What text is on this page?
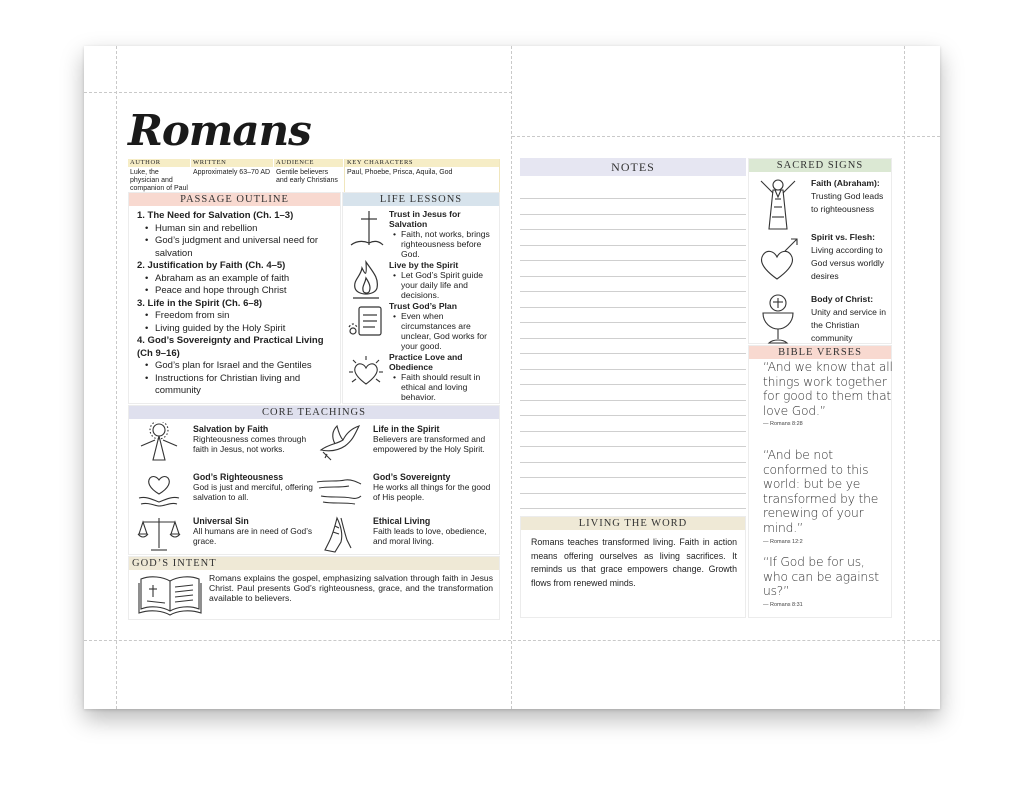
Romans
AUTHOR
Luke, the physician and companion of Paul
WRITTEN
Approximately 63–70 AD
AUDIENCE
Gentile believers and early Christians
KEY CHARACTERS
Paul, Phoebe, Prisca, Aquila, God
PASSAGE OUTLINE
1. The Need for Salvation (Ch. 1–3)
• Human sin and rebellion
• God’s judgment and universal need for salvation
2. Justification by Faith (Ch. 4–5)
• Abraham as an example of faith
• Peace and hope through Christ
3. Life in the Spirit (Ch. 6–8)
• Freedom from sin
• Living guided by the Holy Spirit
4. God’s Sovereignty and Practical Living (Ch 9–16)
• God’s plan for Israel and the Gentiles
• Instructions for Christian living and community
LIFE LESSONS
Trust in Jesus for Salvation
• Faith, not works, brings righteousness before God.
Live by the Spirit
• Let God’s Spirit guide your daily life and decisions.
Trust God’s Plan
• Even when circumstances are unclear, God works for your good.
Practice Love and Obedience
• Faith should result in ethical and loving behavior.
CORE TEACHINGS
Salvation by Faith
Righteousness comes through faith in Jesus, not works.
Life in the Spirit
Believers are transformed and empowered by the Holy Spirit.
God’s Righteousness
God is just and merciful, offering salvation to all.
God’s Sovereignty
He works all things for the good of His people.
Universal Sin
All humans are in need of God’s grace.
Ethical Living
Faith leads to love, obedience, and moral living.
GOD’S INTENT
Romans explains the gospel, emphasizing salvation through faith in Jesus Christ. Paul presents God’s righteousness, grace, and the transformation available to believers.
NOTES
LIVING THE WORD
Romans teaches transformed living. Faith in action means offering ourselves as living sacrifices. It reminds us that grace empowers change. Growth flows from renewed minds.
SACRED SIGNS
Faith (Abraham):
Trusting God leads to righteousness
Spirit vs. Flesh:
Living according to God versus worldly desires
Body of Christ:
Unity and service in the Christian community
BIBLE VERSES
“And we know that all things work together for good to them that love God.”
— Romans 8:28
“And be not conformed to this world: but be ye transformed by the renewing of your mind.”
— Romans 12:2
“If God be for us, who can be against us?”
— Romans 8:31
